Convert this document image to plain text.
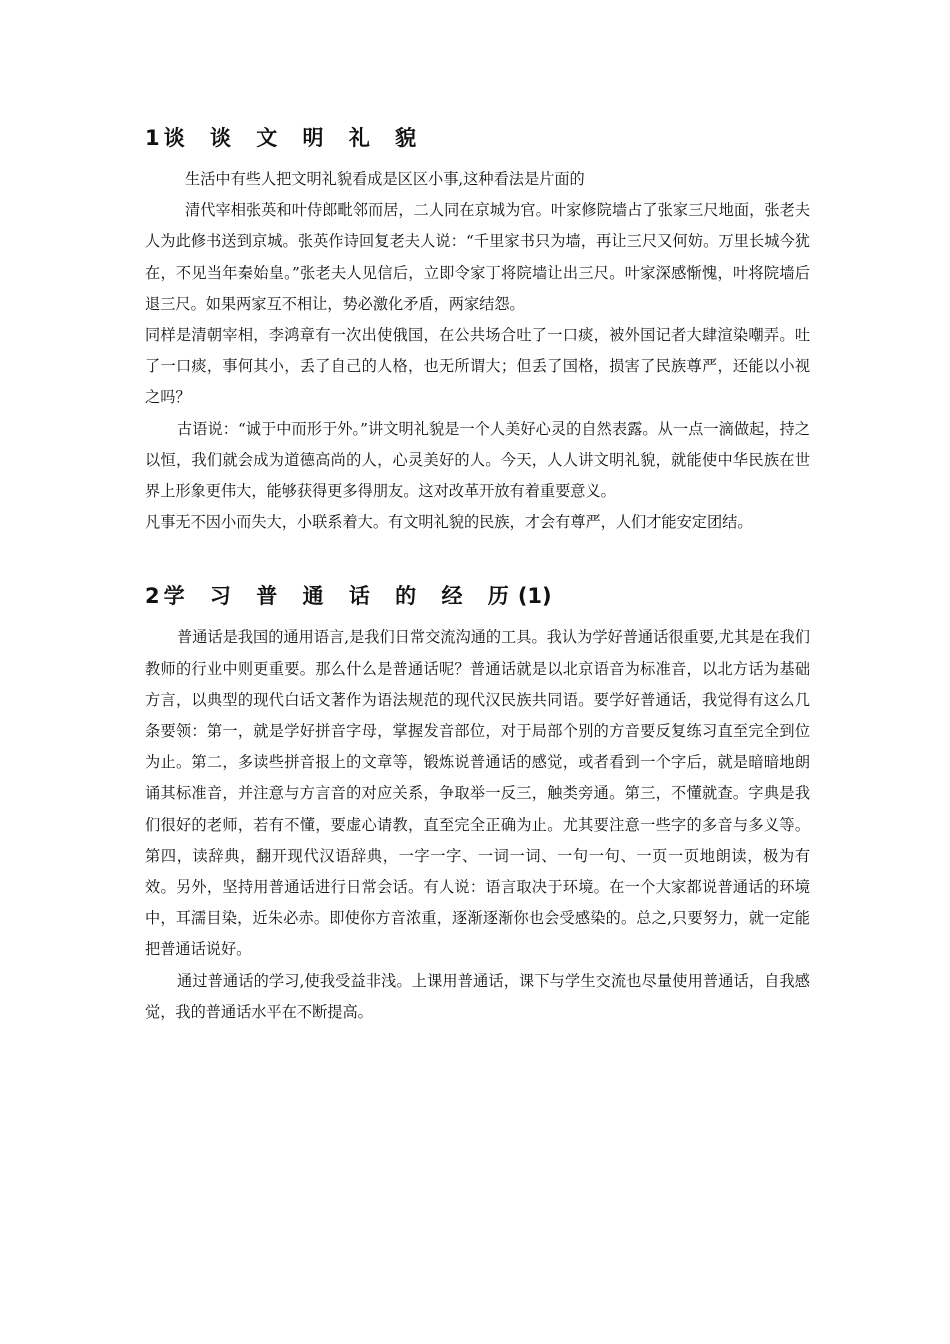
1 谈 谈 文 明 礼 貌

生活中有些人把文明礼貌看成是区区小事,这种看法是片面的

清代宰相张英和叶侍郎毗邻而居，二人同在京城为官。叶家修院墙占了张家三尺地面，张老夫人为此修书送到京城。张英作诗回复老夫人说：“千里家书只为墙，再让三尺又何妨。万里长城今犹在，不见当年秦始皇。”张老夫人见信后，立即令家丁将院墙让出三尺。叶家深感惭愧，叶将院墙后退三尺。如果两家互不相让，势必激化矛盾，两家结怨。

同样是清朝宰相，李鸿章有一次出使俄国，在公共场合吐了一口痰，被外国记者大肆渲染嘲弄。吐了一口痰，事何其小，丢了自己的人格，也无所谓大；但丢了国格，损害了民族尊严，还能以小视之吗？

古语说：“诚于中而形于外。”讲文明礼貌是一个人美好心灵的自然表露。从一点一滴做起，持之以恒，我们就会成为道德高尚的人，心灵美好的人。今天，人人讲文明礼貌，就能使中华民族在世界上形象更伟大，能够获得更多得朋友。这对改革开放有着重要意义。

凡事无不因小而失大，小联系着大。有文明礼貌的民族，才会有尊严，人们才能安定团结。

2 学 习 普 通 话 的 经 历(1)

普通话是我国的通用语言,是我们日常交流沟通的工具。我认为学好普通话很重要,尤其是在我们教师的行业中则更重要。那么什么是普通话呢？普通话就是以北京语音为标准音，以北方话为基础方言，以典型的现代白话文著作为语法规范的现代汉民族共同语。要学好普通话，我觉得有这么几条要领：第一，就是学好拼音字母，掌握发音部位，对于局部个别的方音要反复练习直至完全到位为止。第二，多读些拼音报上的文章等，锻炼说普通话的感觉，或者看到一个字后，就是暗暗地朗诵其标准音，并注意与方言音的对应关系，争取举一反三，触类旁通。第三，不懂就查。字典是我们很好的老师，若有不懂，要虚心请教，直至完全正确为止。尤其要注意一些字的多音与多义等。第四，读辞典，翻开现代汉语辞典，一字一字、一词一词、一句一句、一页一页地朗读，极为有效。另外，坚持用普通话进行日常会话。有人说：语言取决于环境。在一个大家都说普通话的环境中，耳濡目染，近朱必赤。即使你方音浓重，逐渐逐渐你也会受感染的。总之,只要努力，就一定能把普通话说好。

通过普通话的学习,使我受益非浅。上课用普通话，课下与学生交流也尽量使用普通话，自我感觉，我的普通话水平在不断提高。
